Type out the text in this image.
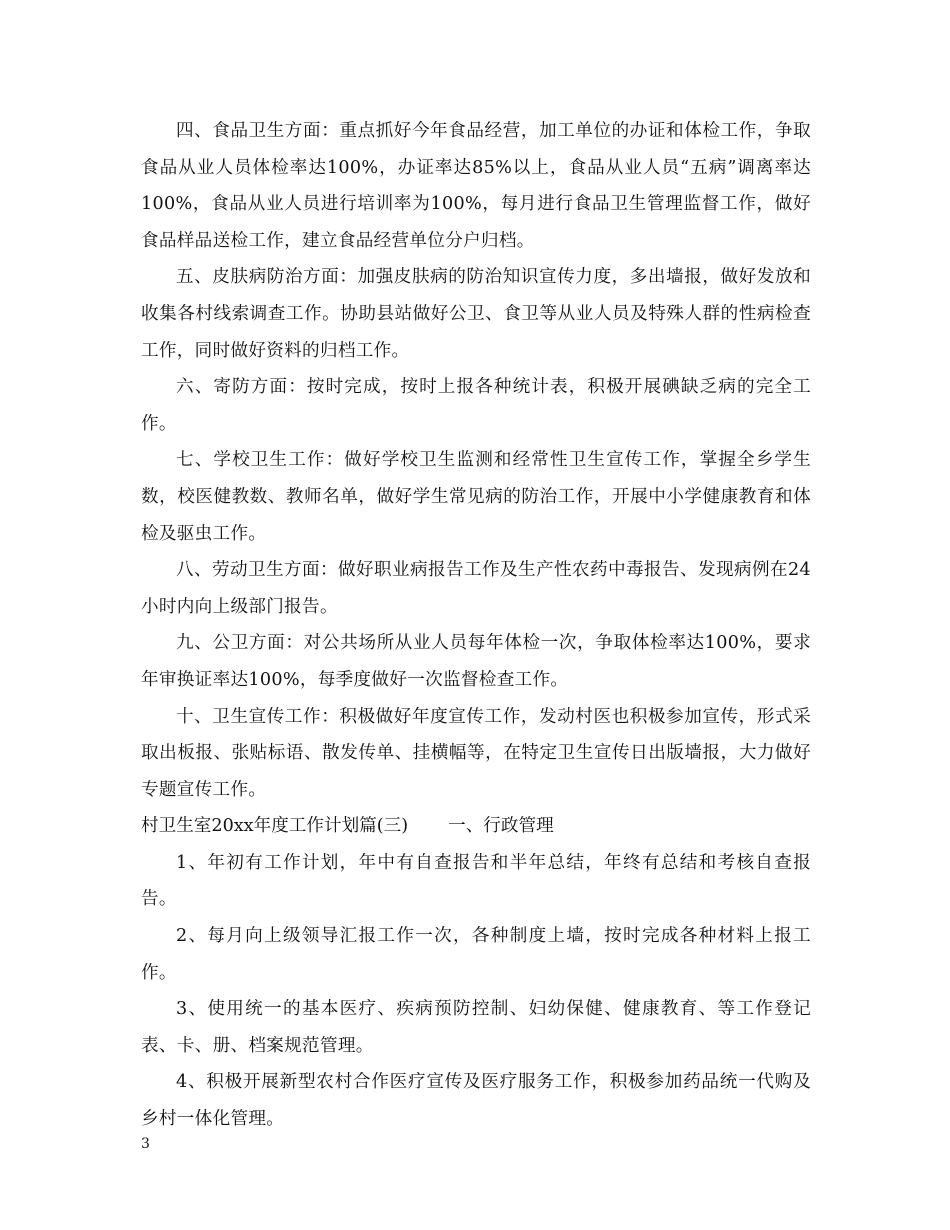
四、食品卫生方面：重点抓好今年食品经营，加工单位的办证和体检工作，争取食品从业人员体检率达100%，办证率达85%以上，食品从业人员“五病”调离率达100%，食品从业人员进行培训率为100%，每月进行食品卫生管理监督工作，做好食品样品送检工作，建立食品经营单位分户归档。

五、皮肤病防治方面：加强皮肤病的防治知识宣传力度，多出墙报，做好发放和收集各村线索调查工作。协助县站做好公卫、食卫等从业人员及特殊人群的性病检查工作，同时做好资料的归档工作。

六、寄防方面：按时完成，按时上报各种统计表，积极开展碘缺乏病的完全工作。

七、学校卫生工作：做好学校卫生监测和经常性卫生宣传工作，掌握全乡学生数，校医健教数、教师名单，做好学生常见病的防治工作，开展中小学健康教育和体检及驱虫工作。

八、劳动卫生方面：做好职业病报告工作及生产性农药中毒报告、发现病例在24小时内向上级部门报告。

九、公卫方面：对公共场所从业人员每年体检一次，争取体检率达100%，要求年审换证率达100%，每季度做好一次监督检查工作。

十、卫生宣传工作：积极做好年度宣传工作，发动村医也积极参加宣传，形式采取出板报、张贴标语、散发传单、挂横幅等，在特定卫生宣传日出版墙报，大力做好专题宣传工作。

村卫生室20xx年度工作计划篇(三) 一、行政管理

1、年初有工作计划，年中有自查报告和半年总结，年终有总结和考核自查报告。

2、每月向上级领导汇报工作一次，各种制度上墙，按时完成各种材料上报工作。

3、使用统一的基本医疗、疾病预防控制、妇幼保健、健康教育、等工作登记表、卡、册、档案规范管理。

4、积极开展新型农村合作医疗宣传及医疗服务工作，积极参加药品统一代购及乡村一体化管理。

3
